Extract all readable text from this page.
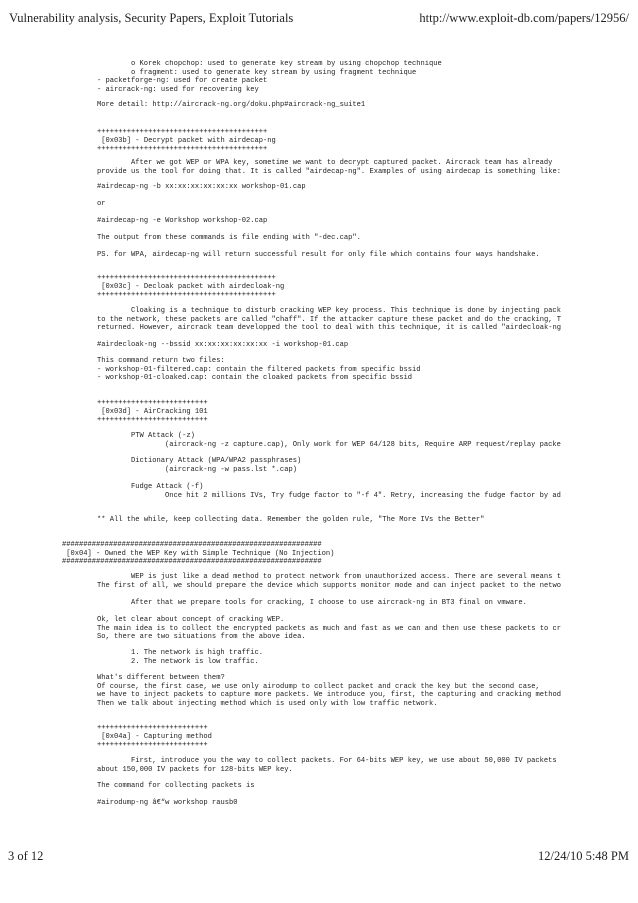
Vulnerability analysis, Security Papers, Exploit Tutorials	http://www.exploit-db.com/papers/12956/
o Korek chopchop: used to generate key stream by using chopchop technique
o fragment: used to generate key stream by using fragment technique
- packetforge-ng: used for create packet
- aircrack-ng: used for recovering key
More detail: http://aircrack-ng.org/doku.php#aircrack-ng_suite1
++++++++++++++++++++++++++++++++++++++++
[0x03b] - Decrypt packet with airdecap-ng
++++++++++++++++++++++++++++++++++++++++
After we got WEP or WPA key, sometime we want to decrypt captured packet. Aircrack team has already
provide us the tool for doing that. It is called "airdecap-ng". Examples of using airdecap is something like:
#airdecap-ng -b xx:xx:xx:xx:xx:xx workshop-01.cap
or
#airdecap-ng -e Workshop workshop-02.cap
The output from these commands is file ending with "-dec.cap".
PS. for WPA, airdecap-ng will return successful result for only file which contains four ways handshake.
++++++++++++++++++++++++++++++++++++++++++
[0x03c] - Decloak packet with airdecloak-ng
++++++++++++++++++++++++++++++++++++++++++
Cloaking is a technique to disturb cracking WEP key process. This technique is done by injecting pack
to the network, these packets are called "chaff". If the attacker capture these packet and do the cracking, T
returned. However, aircrack team developped the tool to deal with this technique, it is called "airdecloak-ng
#airdecloak-ng --bssid xx:xx:xx:xx:xx:xx -i workshop-01.cap
This command return two files:
- workshop-01-filtered.cap: contain the filtered packets from specific bssid
- workshop-01-cloaked.cap: contain the cloaked packets from specific bssid
++++++++++++++++++++++++++
[0x03d] - AirCracking 101
++++++++++++++++++++++++++
PTW Attack (-z)
(aircrack-ng -z capture.cap), Only work for WEP 64/128 bits, Require ARP request/replay packe
Dictionary Attack (WPA/WPA2 passphrases)
(aircrack-ng -w pass.lst *.cap)
Fudge Attack (-f)
Once hit 2 millions IVs, Try fudge factor to "-f 4". Retry, increasing the fudge factor by ad
** All the while, keep collecting data. Remember the golden rule, "The More IVs the Better"
#############################################################
[0x04] - Owned the WEP Key with Simple Technique (No Injection)
#############################################################
WEP is just like a dead method to protect network from unauthorized access. There are several means t
The first of all, we should prepare the device which supports monitor mode and can inject packet to the netwo
After that we prepare tools for cracking, I choose to use aircrack-ng in BT3 final on vmware.
Ok, let clear about concept of cracking WEP.
The main idea is to collect the encrypted packets as much and fast as we can and then use these packets to cr
So, there are two situations from the above idea.
1. The network is high traffic.
2. The network is low traffic.
What's different between them?
Of course, the first case, we use only airodump to collect packet and crack the key but the second case,
we have to inject packets to capture more packets. We introduce you, first, the capturing and cracking method
Then we talk about injecting method which is used only with low traffic network.
++++++++++++++++++++++++++
[0x04a] - Capturing method
++++++++++++++++++++++++++
First, introduce you the way to collect packets. For 64-bits WEP key, we use about 50,000 IV packets
about 150,000 IV packets for 128-bits WEP key.
The command for collecting packets is
#airodump-ng â€“w workshop rausb0
3 of 12	12/24/10 5:48 PM
